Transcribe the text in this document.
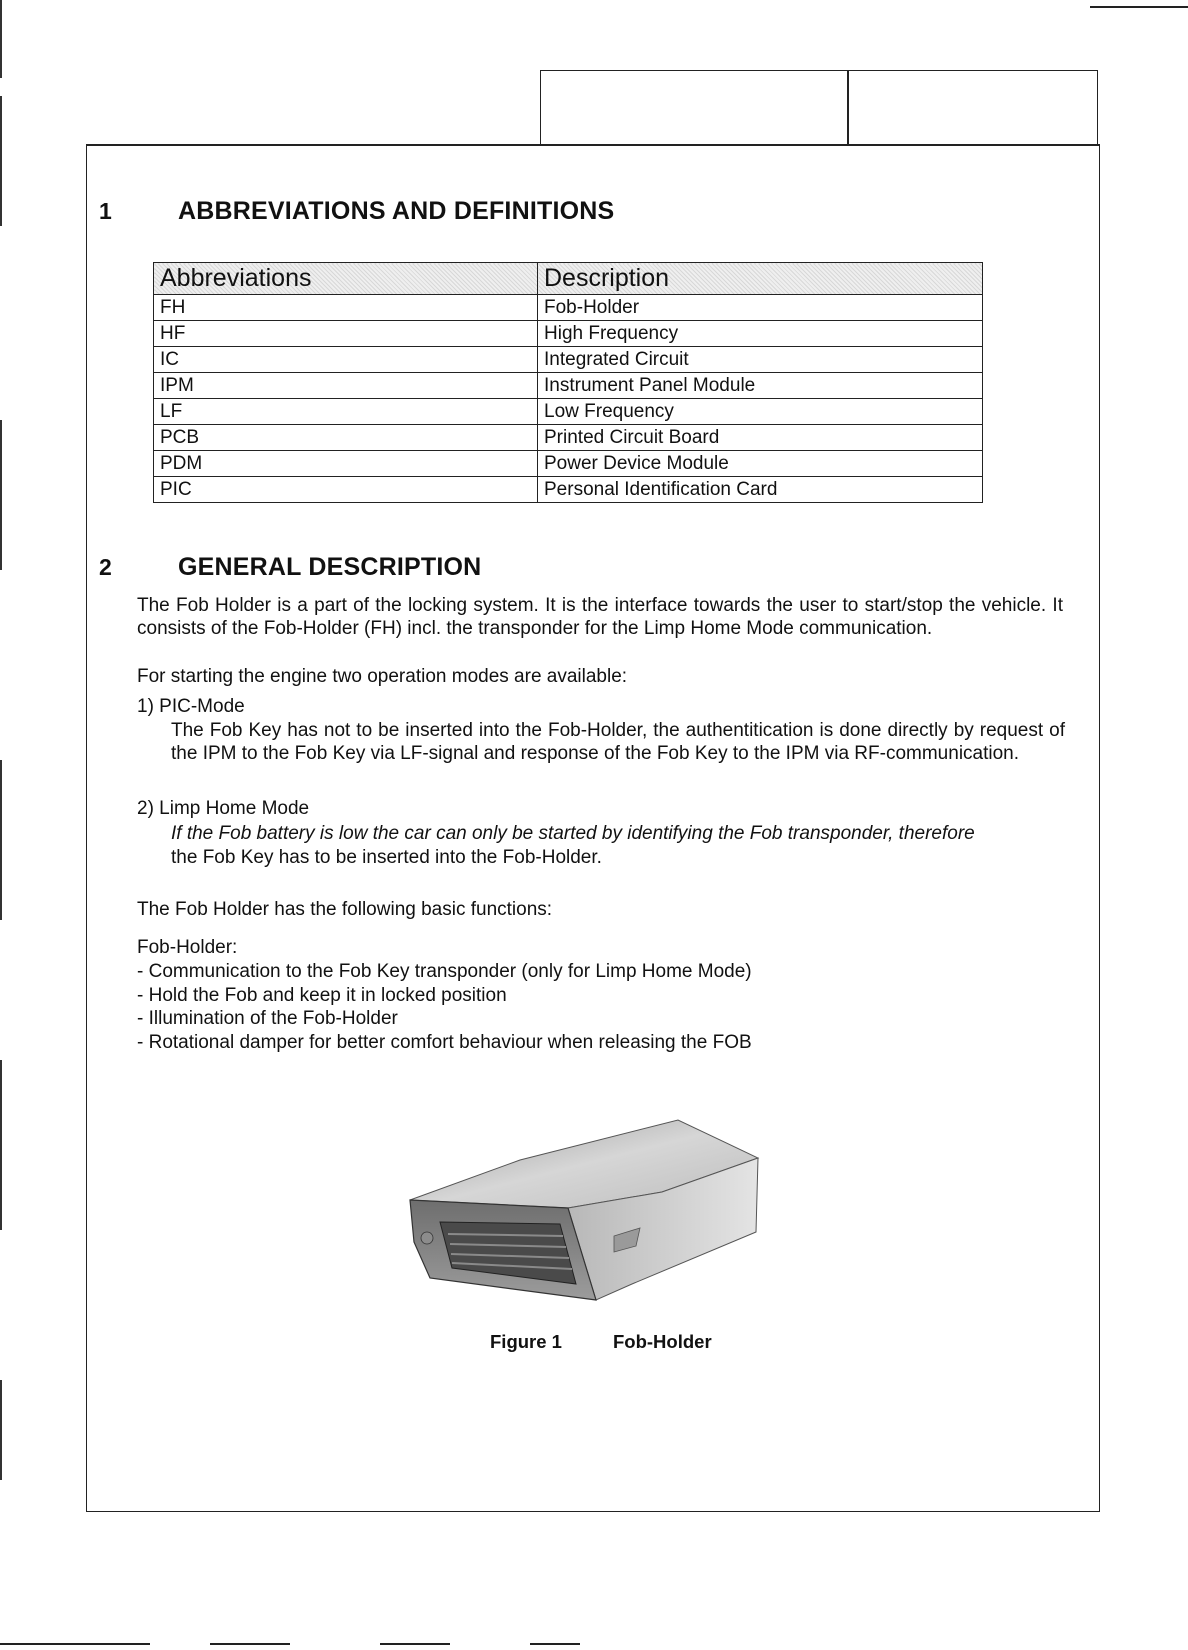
1	ABBREVIATIONS AND DEFINITIONS
Abbreviations	Description
FH	Fob-Holder
HF	High Frequency
IC	Integrated Circuit
IPM	Instrument Panel Module
LF	Low Frequency
PCB	Printed Circuit Board
PDM	Power Device Module
PIC	Personal Identification Card
2	GENERAL DESCRIPTION
The Fob Holder is a part of the locking system. It is the interface towards the user to start/stop the vehicle. It consists of the Fob-Holder (FH) incl. the transponder for the Limp Home Mode communication.
For starting the engine two operation modes are available:
1) PIC-Mode
The Fob Key has not to be inserted into the Fob-Holder, the authentitication is done directly by request of the IPM to the Fob Key via LF-signal and response of the Fob Key to the IPM via RF-communication.
2) Limp Home Mode
If the Fob battery is low the car can only be started by identifying the Fob transponder, therefore
the Fob Key has to be inserted into the Fob-Holder.
The Fob Holder has the following basic functions:
Fob-Holder:
- Communication to the Fob Key transponder (only for Limp Home Mode)
- Hold the Fob and keep it in locked position
- Illumination of the Fob-Holder
- Rotational damper for better comfort behaviour when releasing the FOB
Figure 1	Fob-Holder
